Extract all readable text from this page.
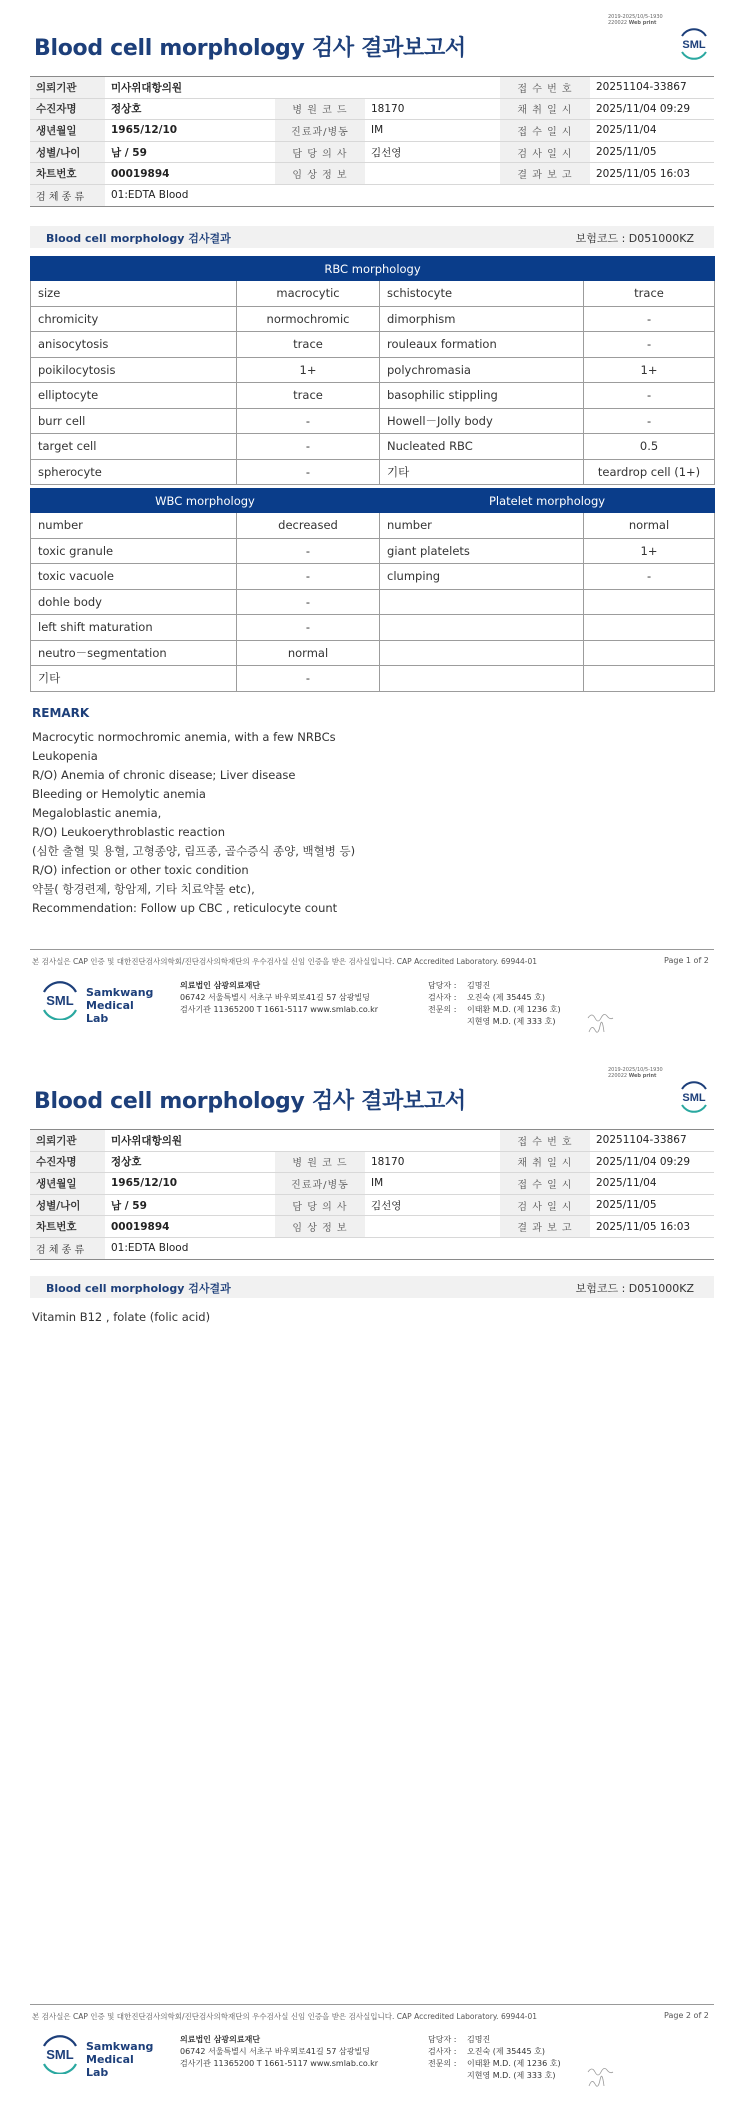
2019-2025/10/5-1930
220022 Web print
Blood cell morphology 검사 결과보고서	SML
의뢰기관	미사위대항의원			접 수 번 호	20251104-33867
수진자명	정상호	병 원 코 드	18170	채 취 일 시	2025/11/04 09:29
생년월일	1965/12/10	진료과/병동	IM	접 수 일 시	2025/11/04
성별/나이	남 / 59	담 당 의 사	김선영	검 사 일 시	2025/11/05
차트번호	00019894	임 상 정 보		결 과 보 고	2025/11/05 16:03
검 체 종 류	01:EDTA Blood				
Blood cell morphology 검사결과	보험코드 : D051000KZ
RBC morphology			
size	macrocytic	schistocyte	trace
chromicity	normochromic	dimorphism	-
anisocytosis	trace	rouleaux formation	-
poikilocytosis	1+	polychromasia	1+
elliptocyte	trace	basophilic stippling	-
burr cell	-	Howell－Jolly body	-
target cell	-	Nucleated RBC	0.5
spherocyte	-	기타	teardrop cell (1+)
WBC morphology		Platelet morphology	
number	decreased	number	normal
toxic granule	-	giant platelets	1+
toxic vacuole	-	clumping	-
dohle body	-		
left shift maturation	-		
neutro－segmentation	normal		
기타	-		
REMARK
Macrocytic normochromic anemia, with a few NRBCs
Leukopenia
R/O) Anemia of chronic disease; Liver disease
Bleeding or Hemolytic anemia
Megaloblastic anemia,
R/O) Leukoerythroblastic reaction
(심한 출혈 및 용혈, 고형종양, 림프종, 골수증식 종양, 백혈병 등)
R/O) infection or other toxic condition
약물( 항경련제, 항암제, 기타 치료약물 etc),
Recommendation: Follow up CBC , reticulocyte count
본 검사실은 CAP 인증 및 대한진단검사의학회/진단검사의학재단의 우수검사실 신임 인증을 받은 검사실입니다. CAP Accredited Laboratory. 69944-01	Page 1 of 2
SML
Samkwang
Medical Lab
의료법인 삼광의료재단
06742 서울특별시 서초구 바우뫼로41길 57 삼광빌딩
검사기관 11365200 T 1661-5117 www.smlab.co.kr
담당자 : 김명진
검사자 : 오진숙 (제 35445 호)
전문의 : 이태환 M.D. (제 1236 호)
지현영 M.D. (제 333 호)
2019-2025/10/5-1930
220022 Web print
Blood cell morphology 검사 결과보고서	SML
의뢰기관	미사위대항의원			접 수 번 호	20251104-33867
수진자명	정상호	병 원 코 드	18170	채 취 일 시	2025/11/04 09:29
생년월일	1965/12/10	진료과/병동	IM	접 수 일 시	2025/11/04
성별/나이	남 / 59	담 당 의 사	김선영	검 사 일 시	2025/11/05
차트번호	00019894	임 상 정 보		결 과 보 고	2025/11/05 16:03
검 체 종 류	01:EDTA Blood				
Blood cell morphology 검사결과	보험코드 : D051000KZ
Vitamin B12 , folate (folic acid)
본 검사실은 CAP 인증 및 대한진단검사의학회/진단검사의학재단의 우수검사실 신임 인증을 받은 검사실입니다. CAP Accredited Laboratory. 69944-01	Page 2 of 2
SML
Samkwang
Medical Lab
의료법인 삼광의료재단
06742 서울특별시 서초구 바우뫼로41길 57 삼광빌딩
검사기관 11365200 T 1661-5117 www.smlab.co.kr
담당자 : 김명진
검사자 : 오진숙 (제 35445 호)
전문의 : 이태환 M.D. (제 1236 호)
지현영 M.D. (제 333 호)
